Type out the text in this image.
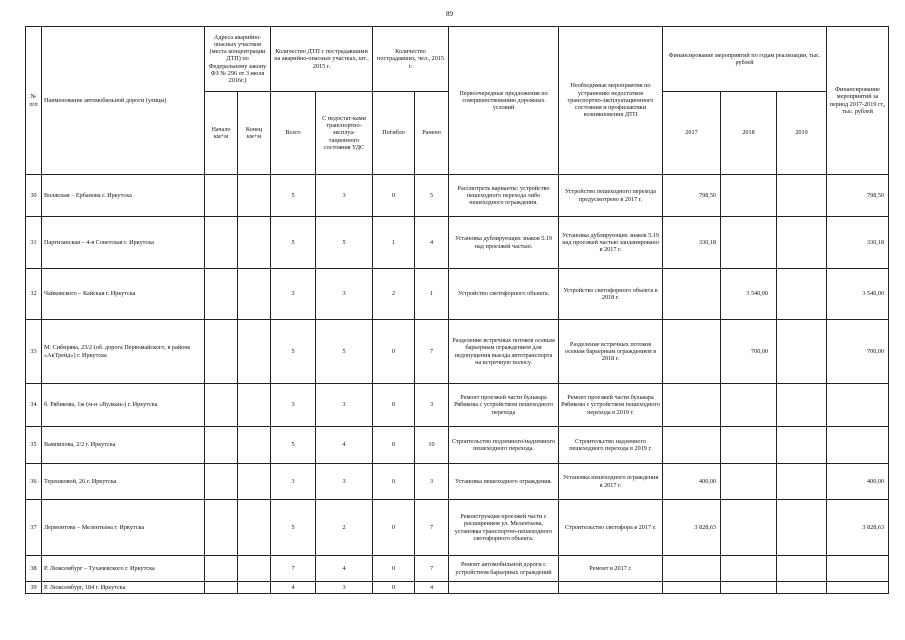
89
№ п/п	Наименование автомобильной дороги (улицы)	Адреса аварийно-опасных участков (места концентрации ДТП) по Федеральному закону ФЗ № 296 от 3 июля 2016г.)		Количество ДТП с пострадавшими на аварийно-опасных участках, шт., 2015 г.		Количество пострадавших, чел., 2015 г.		Первоочередные предложения по совершенствованию дорожных условий	Необходимые мероприятия по устранению недостатков транспортно-эксплуатационного состояния и профилактики возникновения ДТП	Финансирование мероприятий по годам реализации, тыс. рублей			Финансирование мероприятий за период 2017-2019 гг., тыс. рублей
		Начало км+м	Конец км+м	Всего	С недостат-ками транспортно-эксплуа-тационного состояния УДС	Погибло	Ранено			2017	2018	2019	
30	Волжская – Ербанова г. Иркутска			5	3	0	5	Рассмотреть варианты: устройство пешеходного перехода либо пешеходного ограждения.	Устройство пешеходного перехода предусмотрено в 2017 г.	798,50			798,50
31	Партизанская – 4-я Советская г. Иркутска			5	5	1	4	Установка дублирующих знаков 5.19 над проезжей частью.	Установка дублирующих знаков 5.19 над проезжей частью запланировано в 2017 г.	330,18			330,18
32	Чайковского – Кайская г. Иркутска			3	3	2	1	Устройство светофорного объекта.	Устройство светофорного объекта в 2018 г.		3 540,00		3 540,00
33	М. Сибирява, 23/2 (об. дорога Первомайского, в районе «АкТрейд») г. Иркутска			5	5	0	7	Разделение встречных потоков осевым барьерным ограждением для недопущения выезда автотранспорта на встречную полосу.	Разделение встречных потоков осевым барьерным ограждением в 2018 г.		700,00		700,00
34	б. Рябикова, 1ж (м-н «Вулкан») г. Иркутска			3	3	0	3	Ремонт проезжей части бульвара Рябикова с устройством пешеходного перехода	Ремонт проезжей части бульвара Рябикова с устройством пешеходного перехода в 2019 г.				
35	Вампилова, 2/2 г. Иркутска			5	4	0	10	Строительство подземного/надземного пешеходного перехода.	Строительство надземного пешеходного перехода в 2019 г.				
36	Терешковой, 26 г. Иркутска			3	3	0	3	Установка пешеходного ограждения.	Установка пешеходного ограждения в 2017 г.	400,00			400,00
37	Лермонтова – Мелентьева г. Иркутска			5	2	0	7	Реконструкция проезжей части с расширением ул. Мелентьева, установка транспортно-пешеходного светофорного объекта.	Строительство светофора в 2017 г.	3 828,63			3 828,63
38	Р. Люксембург – Тухачевского г. Иркутска			7	4	0	7	Ремонт автомобильной дороги с устройством барьерных ограждений	Ремонт в 2017 г.				
39	Р. Люксембург, 184 г. Иркутска			4	3	0	4						
